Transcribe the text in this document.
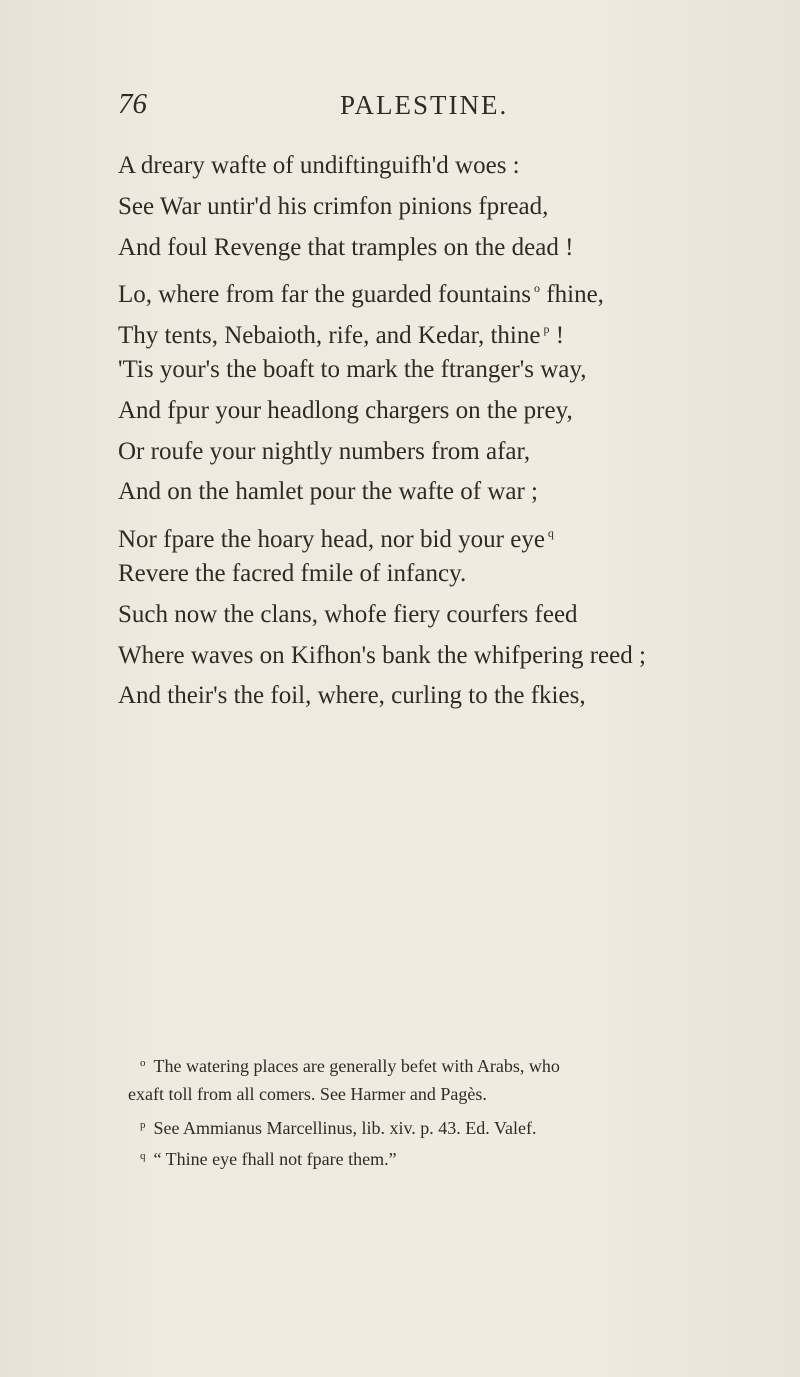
76	PALESTINE.
A dreary wafte of undiftinguifh'd woes :
See War untir'd his crimfon pinions fpread,
And foul Revenge that tramples on the dead !
Lo, where from far the guarded fountains $^o$ fhine,
Thy tents, Nebaioth, rife, and Kedar, thine $^p$ !
'Tis your's the boaft to mark the ftranger's way,
And fpur your headlong chargers on the prey,
Or roufe your nightly numbers from afar,
And on the hamlet pour the wafte of war ;
Nor fpare the hoary head, nor bid your eye $^q$
Revere the facred fmile of infancy.
Such now the clans, whofe fiery courfers feed
Where waves on Kifhon's bank the whifpering reed ;
And their's the foil, where, curling to the fkies,
$^o$ The watering places are generally befet with Arabs, who
exaft toll from all comers. See Harmer and Pagès.
$^p$ See Ammianus Marcellinus, lib. xiv. p. 43. Ed. Valef.
$^q$ “ Thine eye fhall not fpare them.”
